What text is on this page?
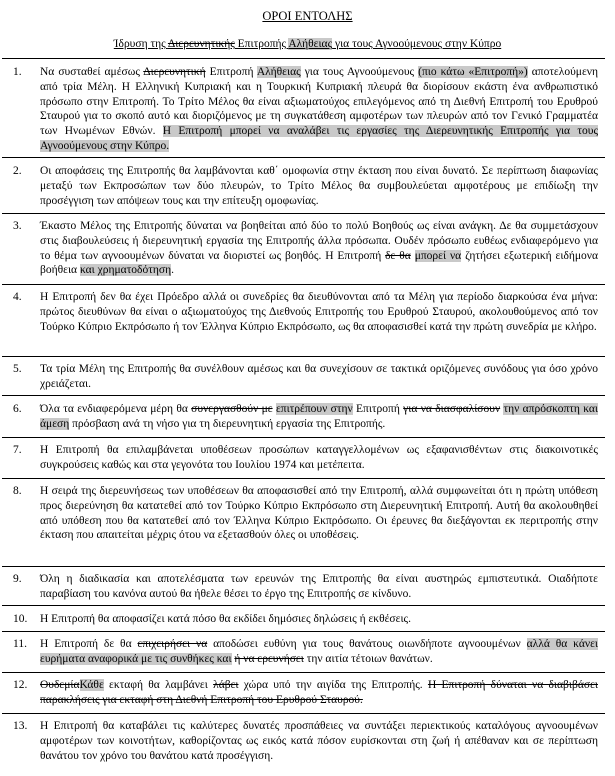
ΟΡΟΙ ΕΝΤΟΛΗΣ
Ίδρυση της Διερευνητικής Επιτροπής Αλήθειας για τους Αγνοούμενους στην Κύπρο
1. Να συσταθεί αμέσως Διερευνητική Επιτροπή Αλήθειας για τους Αγνοούμενους (πιο κάτω «Επιτροπή») αποτελούμενη από τρία Μέλη. Η Ελληνική Κυπριακή και η Τουρκική Κυπριακή πλευρά θα διορίσουν εκάστη ένα ανθρωπιστικό πρόσωπο στην Επιτροπή. Το Τρίτο Μέλος θα είναι αξιωματούχος επιλεγόμενος από τη Διεθνή Επιτροπή του Ερυθρού Σταυρού για το σκοπό αυτό και διοριζόμενος με τη συγκατάθεση αμφοτέρων των πλευρών από τον Γενικό Γραμματέα των Ηνωμένων Εθνών. Η Επιτροπή μπορεί να αναλάβει τις εργασίες της Διερευνητικής Επιτροπής για τους Αγνοούμενους στην Κύπρο.

2. Οι αποφάσεις της Επιτροπής θα λαμβάνονται καθ΄ ομοφωνία στην έκταση που είναι δυνατό. Σε περίπτωση διαφωνίας μεταξύ των Εκπροσώπων των δύο πλευρών, το Τρίτο Μέλος θα συμβουλεύεται αμφοτέρους με επιδίωξη την προσέγγιση των απόψεων τους και την επίτευξη ομοφωνίας.

3. Έκαστο Μέλος της Επιτροπής δύναται να βοηθείται από δύο το πολύ Βοηθούς ως είναι ανάγκη. Δε θα συμμετάσχουν στις διαβουλεύσεις ή διερευνητική εργασία της Επιτροπής άλλα πρόσωπα. Ουδέν πρόσωπο ευθέως ενδιαφερόμενο για το θέμα των αγνοουμένων δύναται να διοριστεί ως βοηθός. Η Επιτροπή δε θα μπορεί να ζητήσει εξωτερική ειδήμονα βοήθεια και χρηματοδότηση.

4. Η Επιτροπή δεν θα έχει Πρόεδρο αλλά οι συνεδρίες θα διευθύνονται από τα Μέλη για περίοδο διαρκούσα ένα μήνα: πρώτος διευθύνων θα είναι ο αξιωματούχος της Διεθνούς Επιτροπής του Ερυθρού Σταυρού, ακολουθούμενος από τον Τούρκο Κύπριο Εκπρόσωπο ή τον Έλληνα Κύπριο Εκπρόσωπο, ως θα αποφασισθεί κατά την πρώτη συνεδρία με κλήρο.

5. Τα τρία Μέλη της Επιτροπής θα συνέλθουν αμέσως και θα συνεχίσουν σε τακτικά οριζόμενες συνόδους για όσο χρόνο χρειάζεται.

6. Όλα τα ενδιαφερόμενα μέρη θα συνεργασθούν με επιτρέπουν στην Επιτροπή για να διασφαλίσουν την απρόσκοπτη και άμεση πρόσβαση ανά τη νήσο για τη διερευνητική εργασία της Επιτροπής.

7. Η Επιτροπή θα επιλαμβάνεται υποθέσεων προσώπων καταγγελλομένων ως εξαφανισθέντων στις διακοινοτικές συγκρούσεις καθώς και στα γεγονότα του Ιουλίου 1974 και μετέπειτα.

8. Η σειρά της διερευνήσεως των υποθέσεων θα αποφασισθεί από την Επιτροπή, αλλά συμφωνείται ότι η πρώτη υπόθεση προς διερεύνηση θα κατατεθεί από τον Τούρκο Κύπριο Εκπρόσωπο στη Διερευνητική Επιτροπή. Αυτή θα ακολουθηθεί από υπόθεση που θα κατατεθεί από τον Έλληνα Κύπριο Εκπρόσωπο. Οι έρευνες θα διεξάγονται εκ περιτροπής στην έκταση που απαιτείται μέχρις ότου να εξετασθούν όλες οι υποθέσεις.

9. Όλη η διαδικασία και αποτελέσματα των ερευνών της Επιτροπής θα είναι αυστηρώς εμπιστευτικά. Οιαδήποτε παραβίαση του κανόνα αυτού θα ήθελε θέσει το έργο της Επιτροπής σε κίνδυνο.

10. Η Επιτροπή θα αποφασίζει κατά πόσο θα εκδίδει δημόσιες δηλώσεις ή εκθέσεις.

11. Η Επιτροπή δε θα επιχειρήσει να αποδώσει ευθύνη για τους θανάτους οιωνδήποτε αγνοουμένων αλλά θα κάνει ευρήματα αναφορικά με τις συνθήκες και ή να ερευνήσει την αιτία τέτοιων θανάτων.

12. ΟυδεμίαΚάθε εκταφή θα λαμβάνει λάβει χώρα υπό την αιγίδα της Επιτροπής. Η Επιτροπή δύναται να διαβιβάσει παρακλήσεις για εκταφή στη Διεθνή Επιτροπή του Ερυθρού Σταυρού.

13. Η Επιτροπή θα καταβάλει τις καλύτερες δυνατές προσπάθειες να συντάξει περιεκτικούς καταλόγους αγνοουμένων αμφοτέρων των κοινοτήτων, καθορίζοντας ως εικός κατά πόσον ευρίσκονται στη ζωή ή απέθαναν και σε περίπτωση θανάτου τον χρόνο του θανάτου κατά προσέγγιση.
